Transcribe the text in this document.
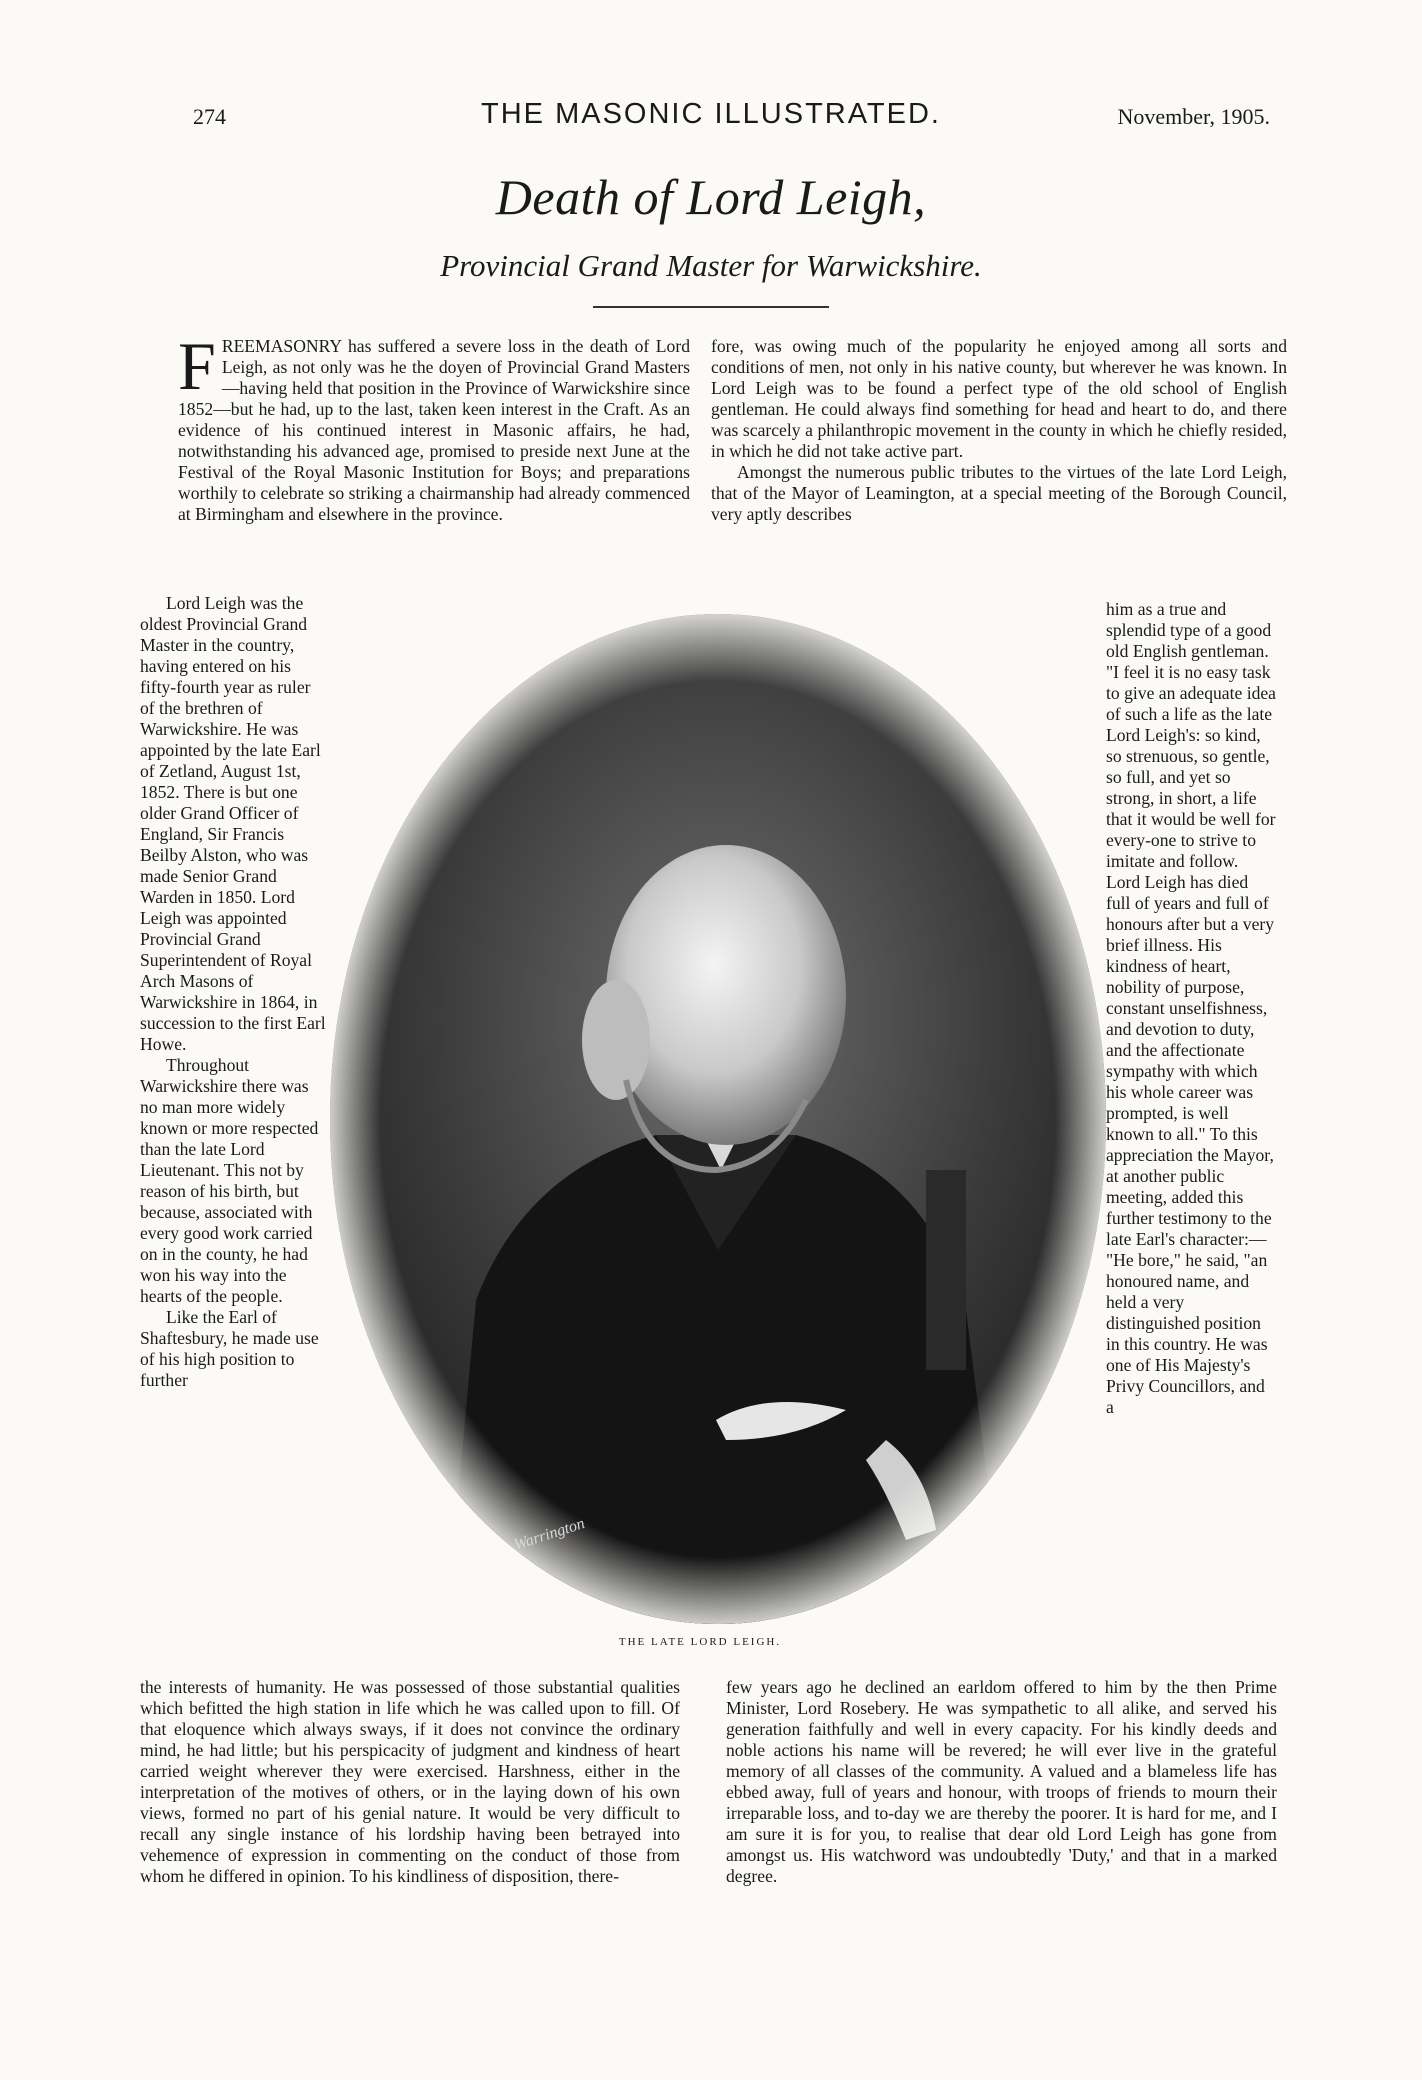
274	THE MASONIC ILLUSTRATED.	November, 1905.
Death of Lord Leigh,
Provincial Grand Master for Warwickshire.

FREEMASONRY has suffered a severe loss in the death of Lord Leigh, as not only was he the doyen of Provincial Grand Masters—having held that position in the Province of Warwickshire since 1852—but he had, up to the last, taken keen interest in the Craft. As an evidence of his continued interest in Masonic affairs, he had, notwithstanding his advanced age, promised to preside next June at the Festival of the Royal Masonic Institution for Boys; and preparations worthily to celebrate so striking a chairmanship had already commenced at Birmingham and elsewhere in the province.

Lord Leigh was the oldest Provincial Grand Master in the country, having entered on his fifty-fourth year as ruler of the brethren of Warwickshire. He was appointed by the late Earl of Zetland, August 1st, 1852. There is but one older Grand Officer of England, Sir Francis Beilby Alston, who was made Senior Grand Warden in 1850. Lord Leigh was appointed Provincial Grand Superintendent of Royal Arch Masons of Warwickshire in 1864, in succession to the first Earl Howe.

Throughout Warwickshire there was no man more widely known or more respected than the late Lord Lieutenant. This not by reason of his birth, but because, associated with every good work carried on in the county, he had won his way into the hearts of the people.

Like the Earl of Shaftesbury, he made use of his high position to further

the interests of humanity. He was possessed of those substantial qualities which befitted the high station in life which he was called upon to fill. Of that eloquence which always sways, if it does not convince the ordinary mind, he had little; but his perspicacity of judgment and kindness of heart carried weight wherever they were exercised. Harshness, either in the interpretation of the motives of others, or in the laying down of his own views, formed no part of his genial nature. It would be very difficult to recall any single instance of his lordship having been betrayed into vehemence of expression in commenting on the conduct of those from whom he differed in opinion. To his kindliness of disposition, there-

fore, was owing much of the popularity he enjoyed among all sorts and conditions of men, not only in his native county, but wherever he was known. In Lord Leigh was to be found a perfect type of the old school of English gentleman. He could always find something for head and heart to do, and there was scarcely a philanthropic movement in the county in which he chiefly resided, in which he did not take active part.

Amongst the numerous public tributes to the virtues of the late Lord Leigh, that of the Mayor of Leamington, at a special meeting of the Borough Council, very aptly describes

him as a true and splendid type of a good old English gentleman. "I feel it is no easy task to give an adequate idea of such a life as the late Lord Leigh's: so kind, so strenuous, so gentle, so full, and yet so strong, in short, a life that it would be well for every-one to strive to imitate and follow. Lord Leigh has died full of years and full of honours after but a very brief illness. His kindness of heart, nobility of purpose, constant unselfishness, and devotion to duty, and the affectionate sympathy with which his whole career was prompted, is well known to all." To this appreciation the Mayor, at another public meeting, added this further testimony to the late Earl's character:— "He bore," he said, "an honoured name, and held a very distinguished position in this country. He was one of His Majesty's Privy Councillors, and a

few years ago he declined an earldom offered to him by the then Prime Minister, Lord Rosebery. He was sympathetic to all alike, and served his generation faithfully and well in every capacity. For his kindly deeds and noble actions his name will be revered; he will ever live in the grateful memory of all classes of the community. A valued and a blameless life has ebbed away, full of years and honour, with troops of friends to mourn their irreparable loss, and to-day we are thereby the poorer. It is hard for me, and I am sure it is for you, to realise that dear old Lord Leigh has gone from amongst us. His watchword was undoubtedly 'Duty,' and that in a marked degree.

Warrington
THE LATE LORD LEIGH.
